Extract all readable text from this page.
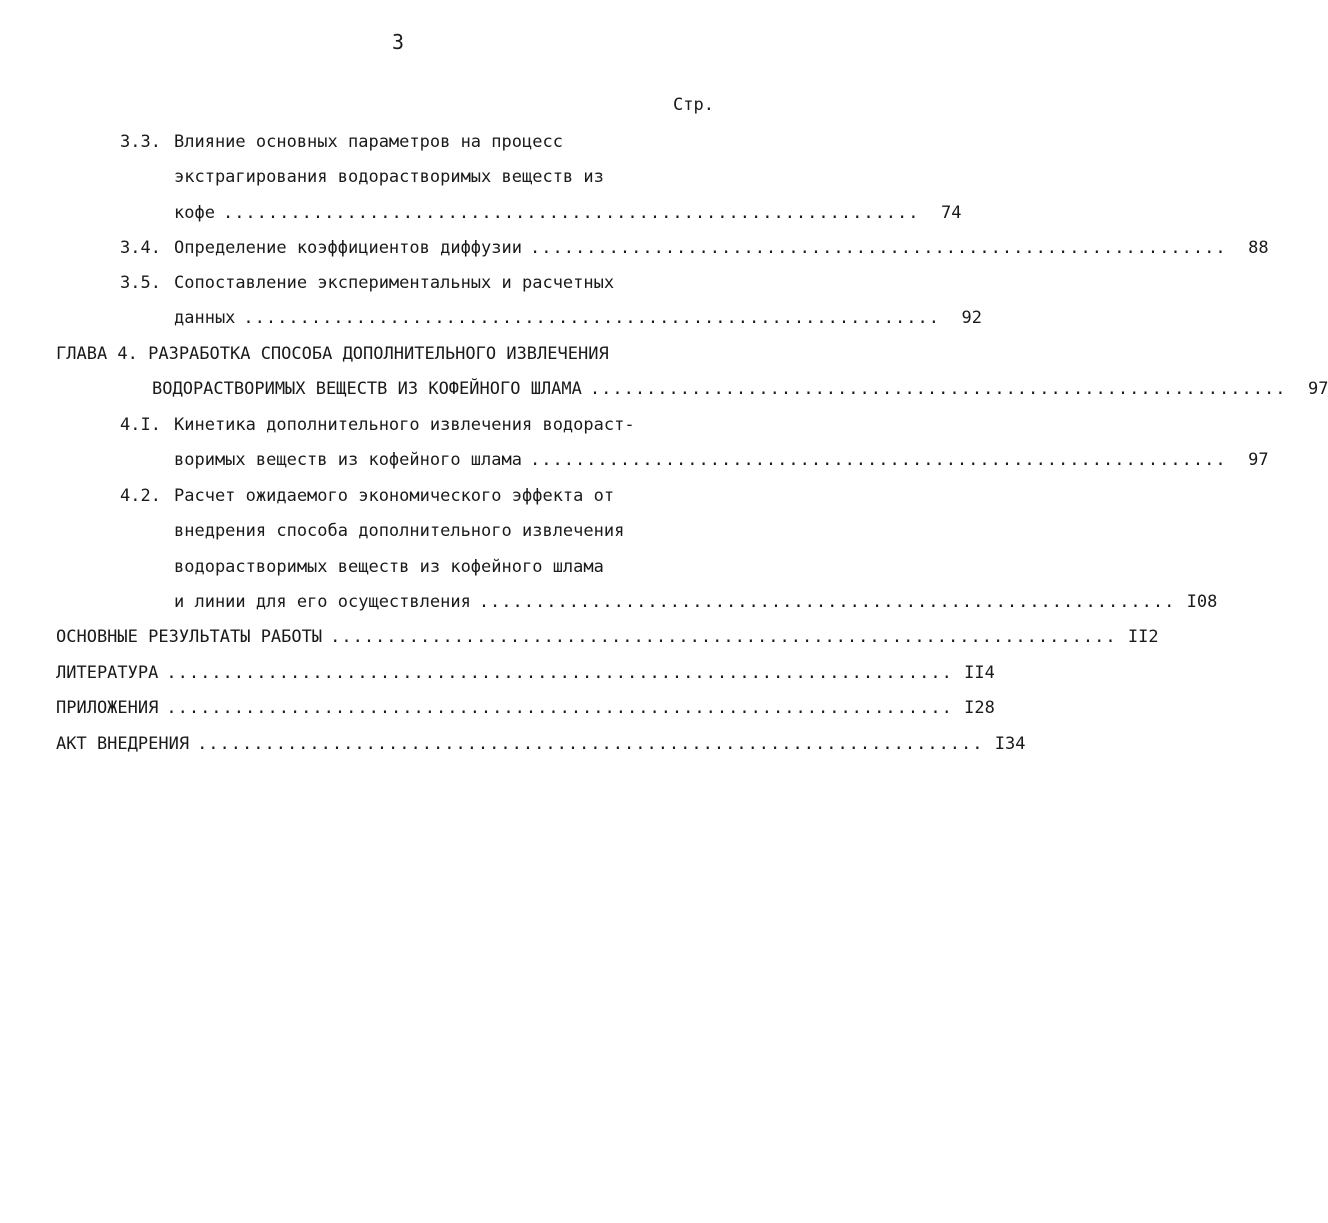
3
Стр.
3.3. Влияние основных параметров на процесс
экстрагирования водорастворимых веществ из
кофе ..............................................................	74
3.4. Определение коэффициентов диффузии ..............................................................	88
3.5. Сопоставление экспериментальных и расчетных
данных ..............................................................	92
ГЛАВА 4. РАЗРАБОТКА СПОСОБА ДОПОЛНИТЕЛЬНОГО ИЗВЛЕЧЕНИЯ
ВОДОРАСТВОРИМЫХ ВЕЩЕСТВ ИЗ КОФЕЙНОГО ШЛАМА ..............................................................	97
4.I. Кинетика дополнительного извлечения водораст-
воримых веществ из кофейного шлама ..............................................................	97
4.2. Расчет ожидаемого экономического эффекта от
внедрения способа дополнительного извлечения
водорастворимых веществ из кофейного шлама
и линии для его осуществления .............................................................. I08
ОСНОВНЫЕ РЕЗУЛЬТАТЫ РАБОТЫ ...................................................................... II2
ЛИТЕРАТУРА ...................................................................... II4
ПРИЛОЖЕНИЯ ...................................................................... I28
АКТ ВНЕДРЕНИЯ ...................................................................... I34
